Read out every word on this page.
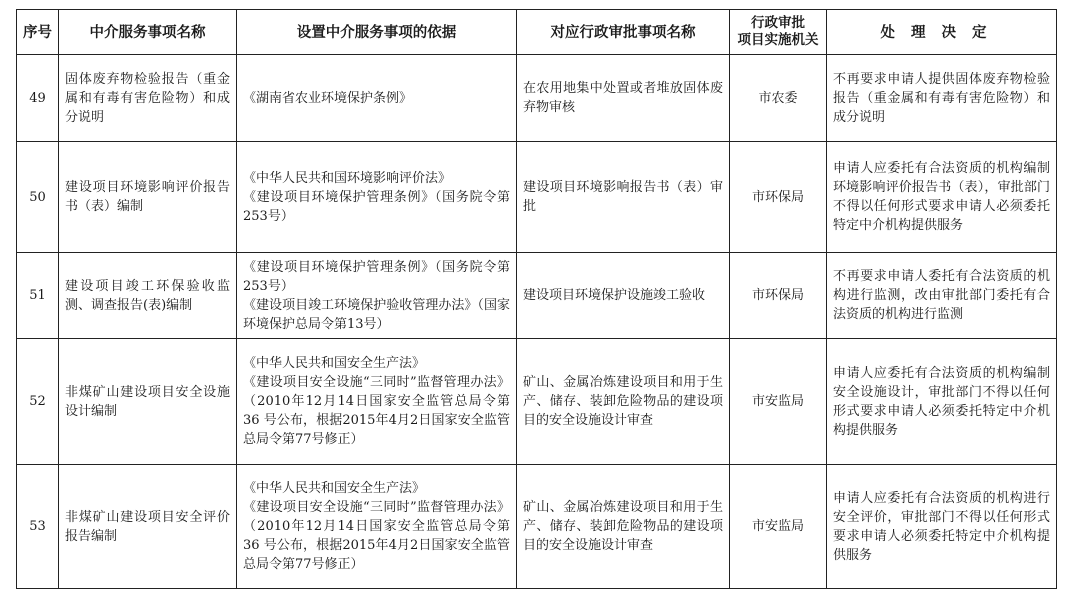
序号	中介服务事项名称	设置中介服务事项的依据	对应行政审批事项名称	行政审批
项目实施机关	处理决定
49	固体废弃物检验报告（重金属和有毒有害危险物）和成分说明	《湖南省农业环境保护条例》	在农用地集中处置或者堆放固体废弃物审核	市农委	不再要求申请人提供固体废弃物检验报告（重金属和有毒有害危险物）和成分说明
50	建设项目环境影响评价报告书（表）编制	《中华人民共和国环境影响评价法》
《建设项目环境保护管理条例》（国务院令第253号）	建设项目环境影响报告书（表）审批	市环保局	申请人应委托有合法资质的机构编制环境影响评价报告书（表），审批部门不得以任何形式要求申请人必须委托特定中介机构提供服务
51	建设项目竣工环保验收监测、调查报告(表)编制	《建设项目环境保护管理条例》（国务院令第253号）
《建设项目竣工环境保护验收管理办法》（国家环境保护总局令第13号）	建设项目环境保护设施竣工验收	市环保局	不再要求申请人委托有合法资质的机构进行监测，改由审批部门委托有合法资质的机构进行监测
52	非煤矿山建设项目安全设施设计编制	《中华人民共和国安全生产法》
《建设项目安全设施“三同时”监督管理办法》（2010年12月14日国家安全监管总局令第 36 号公布，根据2015年4月2日国家安全监管总局令第77号修正）	矿山、金属冶炼建设项目和用于生产、储存、装卸危险物品的建设项目的安全设施设计审查	市安监局	申请人应委托有合法资质的机构编制安全设施设计，审批部门不得以任何形式要求申请人必须委托特定中介机构提供服务
53	非煤矿山建设项目安全评价报告编制	《中华人民共和国安全生产法》
《建设项目安全设施“三同时”监督管理办法》（2010年12月14日国家安全监管总局令第 36 号公布，根据2015年4月2日国家安全监管总局令第77号修正）	矿山、金属冶炼建设项目和用于生产、储存、装卸危险物品的建设项目的安全设施设计审查	市安监局	申请人应委托有合法资质的机构进行安全评价，审批部门不得以任何形式要求申请人必须委托特定中介机构提供服务
